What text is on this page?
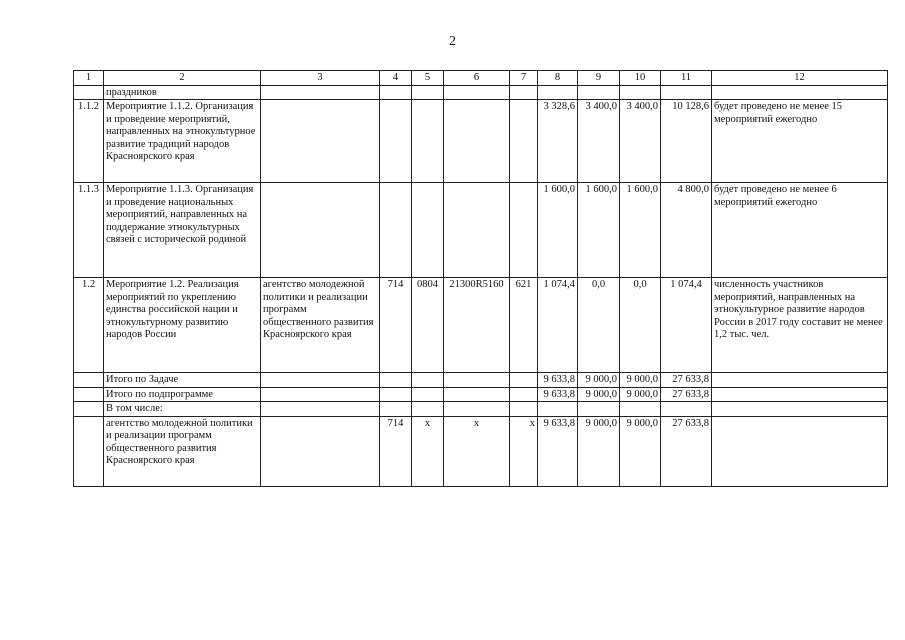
2
1	2	3	4	5	6	7	8	9	10	11	12
	праздников										
1.1.2	Мероприятие 1.1.2. Организация и проведение мероприятий, направленных на этнокультурное развитие традиций народов Красноярского края						3 328,6	3 400,0	3 400,0	10 128,6	будет проведено не менее 15 мероприятий ежегодно
1.1.3	Мероприятие 1.1.3. Организация и проведение национальных мероприятий, направленных на поддержание этнокультурных связей с исторической родиной						1 600,0	1 600,0	1 600,0	4 800,0	будет проведено не менее 6 мероприятий ежегодно
1.2	Мероприятие 1.2. Реализация мероприятий по укреплению единства российской нации и этнокультурному развитию народов России	агентство молодежной политики и реализации программ общественного развития Красноярского края	714	0804	21300R5160	621	1 074,4	0,0	0,0	1 074,4	численность участников мероприятий, направленных на этнокультурное развитие народов России в 2017 году составит не менее 1,2 тыс. чел.
	Итого по Задаче						9 633,8	9 000,0	9 000,0	27 633,8	
	Итого по подпрограмме						9 633,8	9 000,0	9 000,0	27 633,8	
	В том числе:										
	агентство молодежной политики и реализации программ общественного развития Красноярского края		714	х	х	х	9 633,8	9 000,0	9 000,0	27 633,8	
